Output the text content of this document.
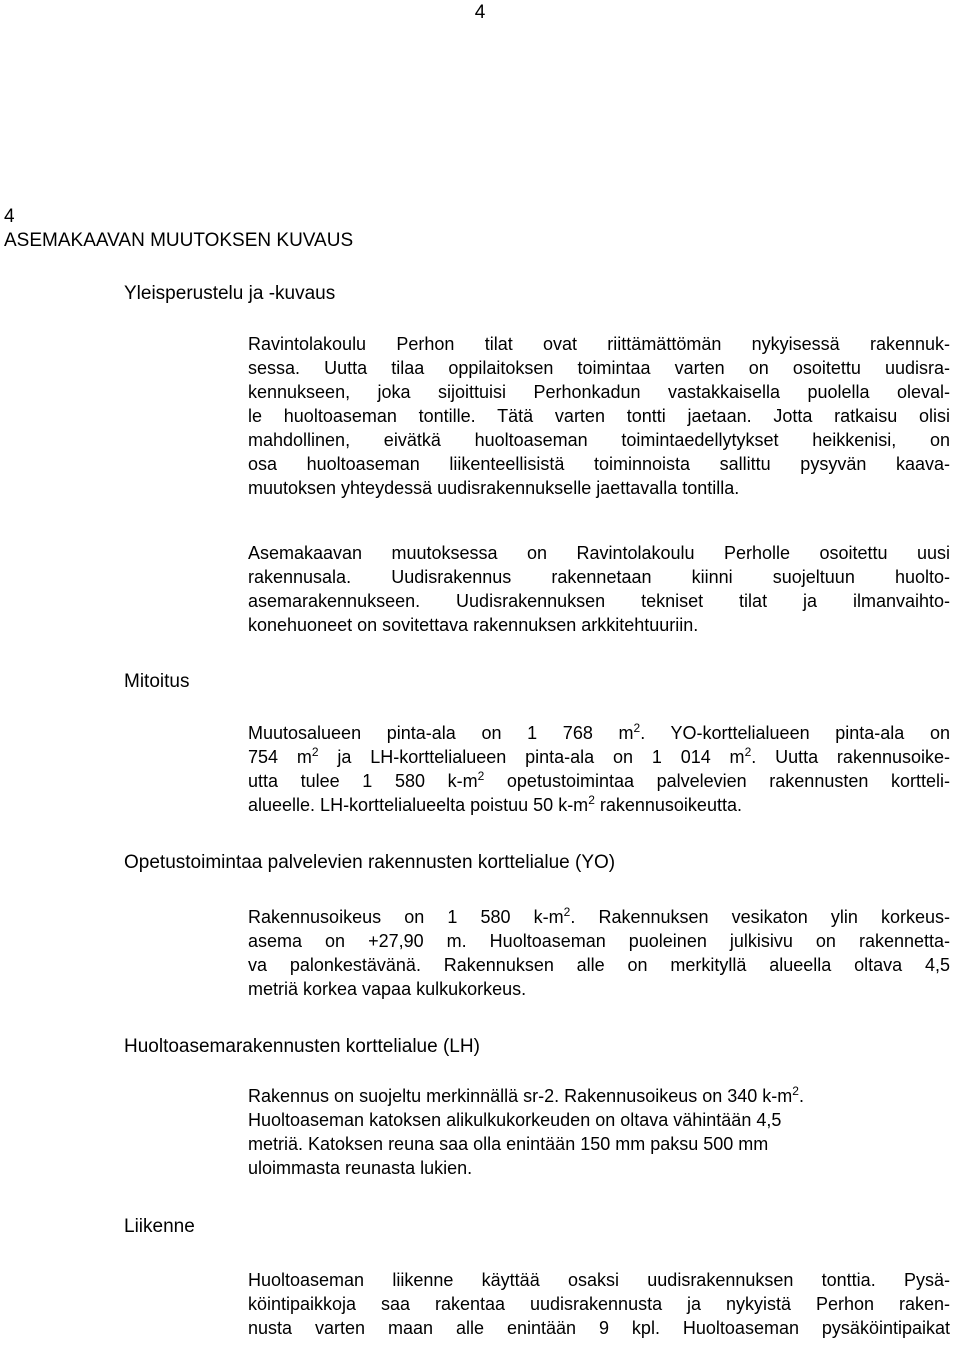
4
4
ASEMAKAAVAN MUUTOKSEN KUVAUS
Yleisperustelu ja -kuvaus
Ravintolakoulu Perhon tilat ovat riittämättömän nykyisessä rakennuk-
sessa. Uutta tilaa oppilaitoksen toimintaa varten on osoitettu uudisra-
kennukseen, joka sijoittuisi Perhonkadun vastakkaisella puolella oleval-
le huoltoaseman tontille. Tätä varten tontti jaetaan. Jotta ratkaisu olisi
mahdollinen, eivätkä huoltoaseman toimintaedellytykset heikkenisi, on
osa huoltoaseman liikenteellisistä toiminnoista sallittu pysyvän kaava-
muutoksen yhteydessä uudisrakennukselle jaettavalla tontilla.
Asemakaavan muutoksessa on Ravintolakoulu Perholle osoitettu uusi
rakennusala. Uudisrakennus rakennetaan kiinni suojeltuun huolto-
asemarakennukseen. Uudisrakennuksen tekniset tilat ja ilmanvaihto-
konehuoneet on sovitettava rakennuksen arkkitehtuuriin.
Mitoitus
Muutosalueen pinta-ala on 1 768 $m^2$. YO-korttelialueen pinta-ala on
754 $m^2$ ja LH-korttelialueen pinta-ala on 1 014 $m^2$. Uutta rakennusoike-
utta tulee 1 580 $k-m^2$ opetustoimintaa palvelevien rakennusten kortteli-
alueelle. LH-korttelialueelta poistuu 50 $k-m^2$ rakennusoikeutta.
Opetustoimintaa palvelevien rakennusten korttelialue (YO)
Rakennusoikeus on 1 580 $k-m^2$. Rakennuksen vesikaton ylin korkeus-
asema on +27,90 m. Huoltoaseman puoleinen julkisivu on rakennetta-
va palonkestävänä. Rakennuksen alle on merkityllä alueella oltava 4,5
metriä korkea vapaa kulkukorkeus.
Huoltoasemarakennusten korttelialue (LH)
Rakennus on suojeltu merkinnällä sr-2. Rakennusoikeus on 340 $k-m^2$.
Huoltoaseman katoksen alikulkukorkeuden on oltava vähintään 4,5
metriä. Katoksen reuna saa olla enintään 150 mm paksu 500 mm
uloimmasta reunasta lukien.
Liikenne
Huoltoaseman liikenne käyttää osaksi uudisrakennuksen tonttia. Pysä-
köintipaikkoja saa rakentaa uudisrakennusta ja nykyistä Perhon raken-
nusta varten maan alle enintään 9 kpl. Huoltoaseman pysäköintipaikat
